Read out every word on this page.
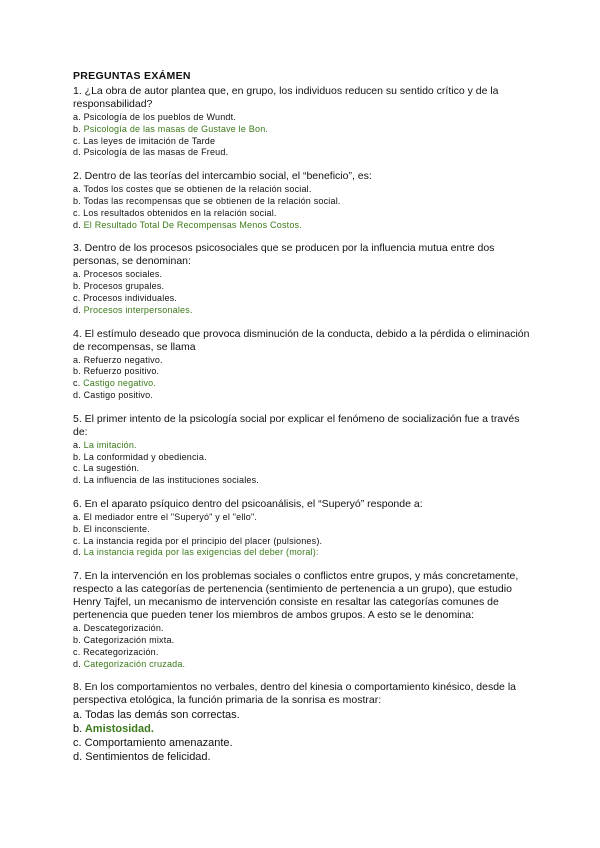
PREGUNTAS EXÁMEN
1. ¿La obra de autor plantea que, en grupo, los individuos reducen su sentido crítico y de la responsabilidad?
a. Psicología de los pueblos de Wundt.
b. Psicología de las masas de Gustave le Bon.
c. Las leyes de imitación de Tarde
d. Psicología de las masas de Freud.
2. Dentro de las teorías del intercambio social, el “beneficio”, es:
a. Todos los costes que se obtienen de la relación social.
b. Todas las recompensas que se obtienen de la relación social.
c. Los resultados obtenidos en la relación social.
d. El Resultado Total De Recompensas Menos Costos.
3. Dentro de los procesos psicosociales que se producen por la influencia mutua entre dos personas, se denominan:
a. Procesos sociales.
b. Procesos grupales.
c. Procesos individuales.
d. Procesos interpersonales.
4. El estímulo deseado que provoca disminución de la conducta, debido a la pérdida o eliminación de recompensas, se llama
a. Refuerzo negativo.
b. Refuerzo positivo.
c. Castigo negativo.
d. Castigo positivo.
5. El primer intento de la psicología social por explicar el fenómeno de socialización fue a través de:
a. La imitación.
b. La conformidad y obediencia.
c. La sugestión.
d. La influencia de las instituciones sociales.
6. En el aparato psíquico dentro del psicoanálisis, el “Superyó” responde a:
a. El mediador entre el "Superyó" y el "ello".
b. El inconsciente.
c. La instancia regida por el principio del placer (pulsiones).
d. La instancia regida por las exigencias del deber (moral):
7. En la intervención en los problemas sociales o conflictos entre grupos, y más concretamente, respecto a las categorías de pertenencia (sentimiento de pertenencia a un grupo), que estudio Henry Tajfel, un mecanismo de intervención consiste en resaltar las categorías comunes de pertenencia que pueden tener los miembros de ambos grupos. A esto se le denomina:
a. Descategorización.
b. Categorización mixta.
c. Recategorización.
d. Categorización cruzada.
8. En los comportamientos no verbales, dentro del kinesia o comportamiento kinésico, desde la perspectiva etológica, la función primaria de la sonrisa es mostrar:
a. Todas las demás son correctas.
b. Amistosidad.
c. Comportamiento amenazante.
d. Sentimientos de felicidad.
